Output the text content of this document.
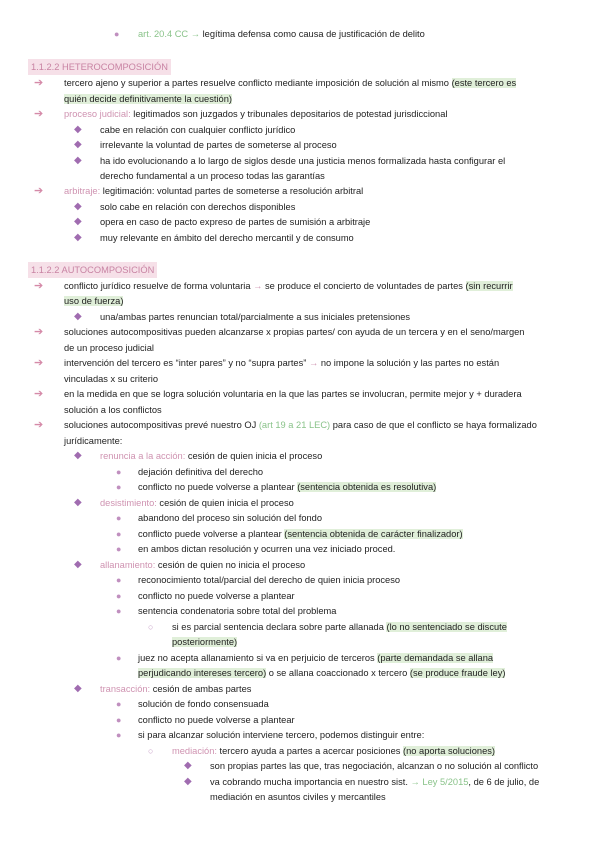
● art. 20.4 CC → legítima defensa como causa de justificación de delito
1.1.2.2 HETEROCOMPOSICIÓN
➔ tercero ajeno y superior a partes resuelve conflicto mediante imposición de solución al mismo (este tercero es
quién decide definitivamente la cuestión)
➔ proceso judicial: legitimados son juzgados y tribunales depositarios de potestad jurisdiccional
◆ cabe en relación con cualquier conflicto jurídico
◆ irrelevante la voluntad de partes de someterse al proceso
◆ ha ido evolucionando a lo largo de siglos desde una justicia menos formalizada hasta configurar el
derecho fundamental a un proceso todas las garantías
➔ arbitraje: legitimación: voluntad partes de someterse a resolución arbitral
◆ solo cabe en relación con derechos disponibles
◆ opera en caso de pacto expreso de partes de sumisión a arbitraje
◆ muy relevante en ámbito del derecho mercantil y de consumo
1.1.2.2 AUTOCOMPOSICIÓN
➔ conflicto jurídico resuelve de forma voluntaria → se produce el concierto de voluntades de partes (sin recurrir
uso de fuerza)
◆ una/ambas partes renuncian total/parcialmente a sus iniciales pretensiones
➔ soluciones autocompositivas pueden alcanzarse x propias partes/ con ayuda de un tercera y en el seno/margen
de un proceso judicial
➔ intervención del tercero es “inter pares” y no “supra partes” → no impone la solución y las partes no están
vinculadas x su criterio
➔ en la medida en que se logra solución voluntaria en la que las partes se involucran, permite mejor y + duradera
solución a los conflictos
➔ soluciones autocompositivas prevé nuestro OJ (art 19 a 21 LEC) para caso de que el conflicto se haya formalizado
jurídicamente:
◆ renuncia a la acción: cesión de quien inicia el proceso
● dejación definitiva del derecho
● conflicto no puede volverse a plantear (sentencia obtenida es resolutiva)
◆ desistimiento: cesión de quien inicia el proceso
● abandono del proceso sin solución del fondo
● conflicto puede volverse a plantear (sentencia obtenida de carácter finalizador)
● en ambos dictan resolución y ocurren una vez iniciado proced.
◆ allanamiento: cesión de quien no inicia el proceso
● reconocimiento total/parcial del derecho de quien inicia proceso
● conflicto no puede volverse a plantear
● sentencia condenatoria sobre total del problema
○ si es parcial sentencia declara sobre parte allanada (lo no sentenciado se discute
posteriormente)
● juez no acepta allanamiento si va en perjuicio de terceros (parte demandada se allana
perjudicando intereses tercero) o se allana coaccionado x tercero (se produce fraude ley)
◆ transacción: cesión de ambas partes
● solución de fondo consensuada
● conflicto no puede volverse a plantear
● si para alcanzar solución interviene tercero, podemos distinguir entre:
○ mediación: tercero ayuda a partes a acercar posiciones (no aporta soluciones)
◆ son propias partes las que, tras negociación, alcanzan o no solución al conflicto
◆ va cobrando mucha importancia en nuestro sist. → Ley 5/2015, de 6 de julio, de
mediación en asuntos civiles y mercantiles
